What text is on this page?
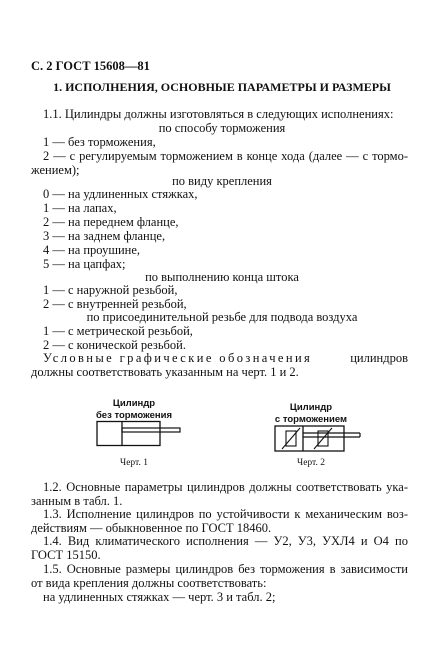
С. 2 ГОСТ 15608—81
1. ИСПОЛНЕНИЯ, ОСНОВНЫЕ ПАРАМЕТРЫ И РАЗМЕРЫ
1.1. Цилиндры должны изготовляться в следующих исполнениях:
по способу торможения
1 — без торможения,
2 — с регулируемым торможением в конце хода (далее — с тормо-
жением);
по виду крепления
0 — на удлиненных стяжках,
1 — на лапах,
2 — на переднем фланце,
3 — на заднем фланце,
4 — на проушине,
5 — на цапфах;
по выполнению конца штока
1 — с наружной резьбой,
2 — с внутренней резьбой,
по присоединительной резьбе для подвода воздуха
1 — с метрической резьбой,
2 — с конической резьбой.
Условные графические обозначения	цилиндров
должны соответствовать указанным на черт. 1 и 2.
Цилиндр
без торможения
Черт. 1
Цилиндр
с торможением
Черт. 2
1.2. Основные параметры цилиндров должны соответствовать ука-
занным в табл. 1.
1.3. Исполнение цилиндров по устойчивости к механическим воз-
действиям — обыкновенное по ГОСТ 18460.
1.4. Вид климатического исполнения — У2, У3, УХЛ4 и О4 по
ГОСТ 15150.
1.5. Основные размеры цилиндров без торможения в зависимости
от вида крепления должны соответствовать:
на удлиненных стяжках — черт. 3 и табл. 2;
